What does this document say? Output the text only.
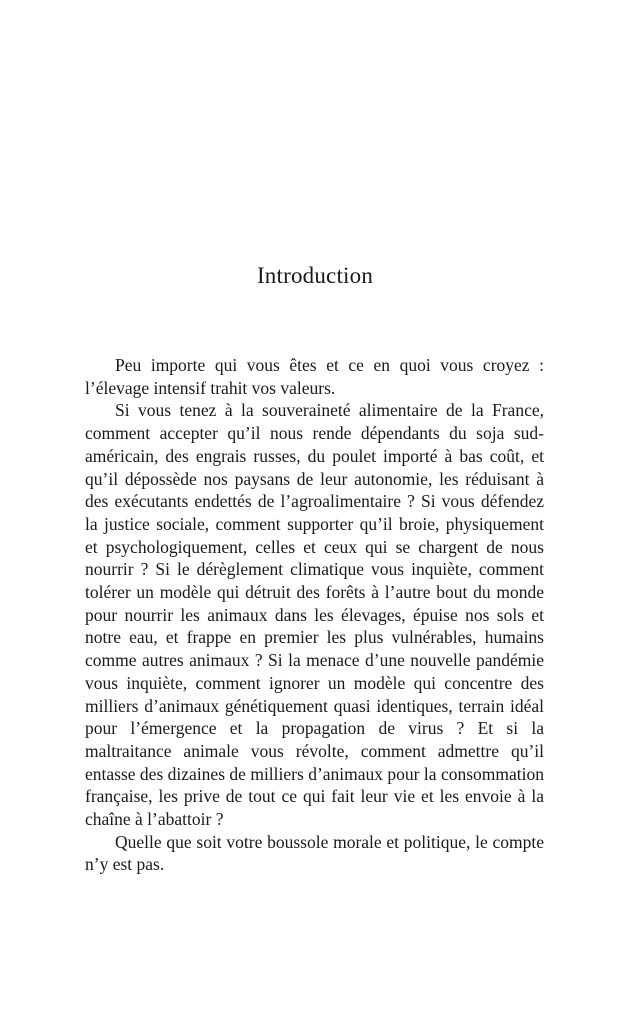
Introduction

Peu importe qui vous êtes et ce en quoi vous croyez : l’élevage intensif trahit vos valeurs.

Si vous tenez à la souveraineté alimentaire de la France, comment accepter qu’il nous rende dépendants du soja sud-américain, des engrais russes, du poulet importé à bas coût, et qu’il dépossède nos paysans de leur autonomie, les réduisant à des exécutants endettés de l’agroalimentaire ? Si vous défendez la justice sociale, comment supporter qu’il broie, physiquement et psychologiquement, celles et ceux qui se chargent de nous nourrir ? Si le dérèglement climatique vous inquiète, comment tolérer un modèle qui détruit des forêts à l’autre bout du monde pour nourrir les animaux dans les élevages, épuise nos sols et notre eau, et frappe en premier les plus vulnérables, humains comme autres animaux ? Si la menace d’une nouvelle pandémie vous inquiète, comment ignorer un modèle qui concentre des milliers d’animaux génétiquement quasi identiques, terrain idéal pour l’émergence et la propagation de virus ? Et si la maltraitance animale vous révolte, comment admettre qu’il entasse des dizaines de milliers d’animaux pour la consommation française, les prive de tout ce qui fait leur vie et les envoie à la chaîne à l’abattoir ?

Quelle que soit votre boussole morale et politique, le compte n’y est pas.
